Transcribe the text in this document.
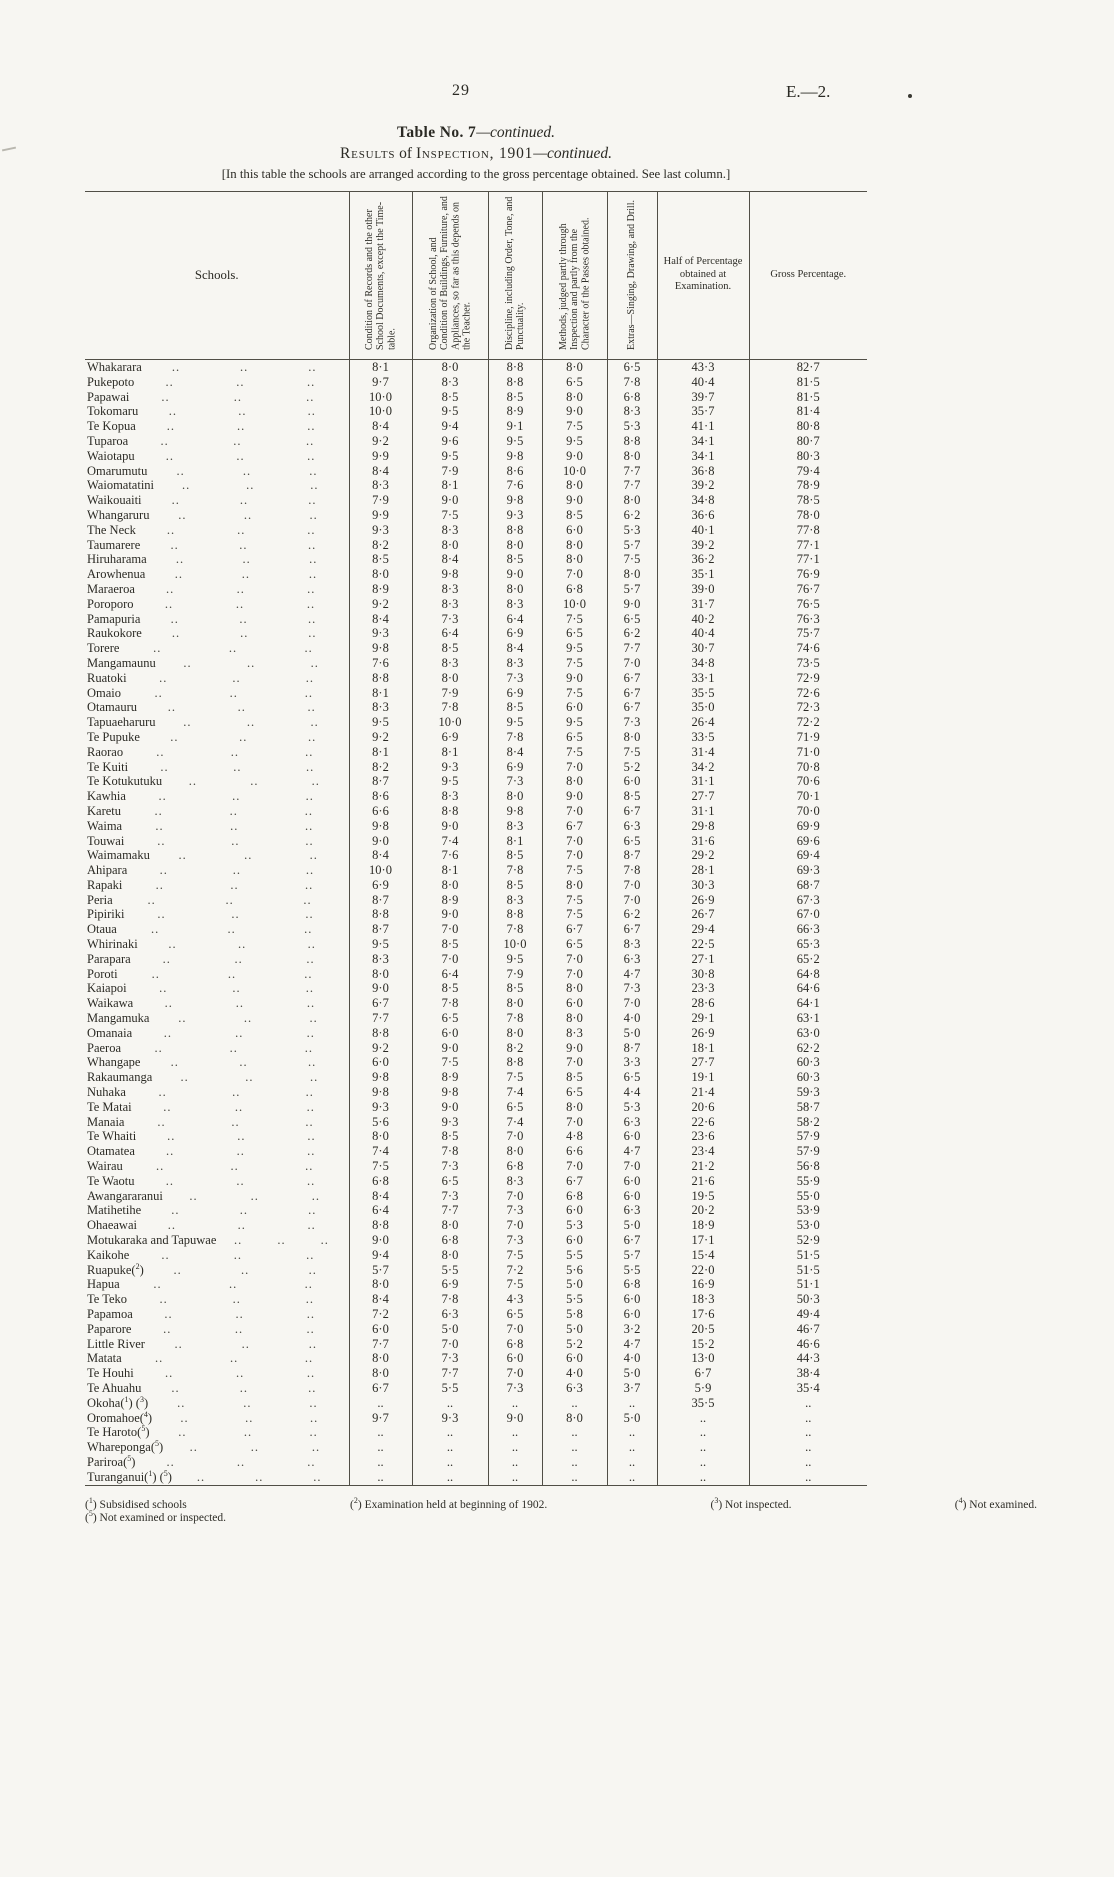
29	E.—2.
Table No. 7—continued.
Results of Inspection, 1901—continued.
[In this table the schools are arranged according to the gross percentage obtained. See last column.]
Schools.	Condition of Records and the other School Documents, except the Time-table.	Organization of School, and Condition of Buildings, Furniture, and Appliances, so far as this depends on the Teacher.	Discipline, including Order, Tone, and Punctuality.	Methods, judged partly through Inspection and partly from the Character of the Passes obtained.	Extras—Singing, Drawing, and Drill.	Half of Percentage obtained at Examination.	Gross Percentage.

Whakarara .. .. ..	8·1	8·0	8·8	8·0	6·5	43·3	82·7

Pukepoto .. .. ..	9·7	8·3	8·8	6·5	7·8	40·4	81·5

Papawai .. .. ..	10·0	8·5	8·5	8·0	6·8	39·7	81·5

Tokomaru .. .. ..	10·0	9·5	8·9	9·0	8·3	35·7	81·4

Te Kopua .. .. ..	8·4	9·4	9·1	7·5	5·3	41·1	80·8

Tuparoa .. .. ..	9·2	9·6	9·5	9·5	8·8	34·1	80·7

Waiotapu .. .. ..	9·9	9·5	9·8	9·0	8·0	34·1	80·3

Omarumutu .. .. ..	8·4	7·9	8·6	10·0	7·7	36·8	79·4

Waiomatatini .. .. ..	8·3	8·1	7·6	8·0	7·7	39·2	78·9

Waikouaiti .. .. ..	7·9	9·0	9·8	9·0	8·0	34·8	78·5

Whangaruru .. .. ..	9·9	7·5	9·3	8·5	6·2	36·6	78·0

The Neck .. .. ..	9·3	8·3	8·8	6·0	5·3	40·1	77·8

Taumarere .. .. ..	8·2	8·0	8·0	8·0	5·7	39·2	77·1

Hiruharama .. .. ..	8·5	8·4	8·5	8·0	7·5	36·2	77·1

Arowhenua .. .. ..	8·0	9·8	9·0	7·0	8·0	35·1	76·9

Maraeroa .. .. ..	8·9	8·3	8·0	6·8	5·7	39·0	76·7

Poroporo .. .. ..	9·2	8·3	8·3	10·0	9·0	31·7	76·5

Pamapuria .. .. ..	8·4	7·3	6·4	7·5	6·5	40·2	76·3

Raukokore .. .. ..	9·3	6·4	6·9	6·5	6·2	40·4	75·7

Torere .. .. ..	9·8	8·5	8·4	9·5	7·7	30·7	74·6

Mangamaunu .. .. ..	7·6	8·3	8·3	7·5	7·0	34·8	73·5

Ruatoki .. .. ..	8·8	8·0	7·3	9·0	6·7	33·1	72·9

Omaio .. .. ..	8·1	7·9	6·9	7·5	6·7	35·5	72·6

Otamauru .. .. ..	8·3	7·8	8·5	6·0	6·7	35·0	72·3

Tapuaeharuru .. .. ..	9·5	10·0	9·5	9·5	7·3	26·4	72·2

Te Pupuke .. .. ..	9·2	6·9	7·8	6·5	8·0	33·5	71·9

Raorao .. .. ..	8·1	8·1	8·4	7·5	7·5	31·4	71·0

Te Kuiti .. .. ..	8·2	9·3	6·9	7·0	5·2	34·2	70·8

Te Kotukutuku .. .. ..	8·7	9·5	7·3	8·0	6·0	31·1	70·6

Kawhia .. .. ..	8·6	8·3	8·0	9·0	8·5	27·7	70·1

Karetu .. .. ..	6·6	8·8	9·8	7·0	6·7	31·1	70·0

Waima .. .. ..	9·8	9·0	8·3	6·7	6·3	29·8	69·9

Touwai .. .. ..	9·0	7·4	8·1	7·0	6·5	31·6	69·6

Waimamaku .. .. ..	8·4	7·6	8·5	7·0	8·7	29·2	69·4

Ahipara .. .. ..	10·0	8·1	7·8	7·5	7·8	28·1	69·3

Rapaki .. .. ..	6·9	8·0	8·5	8·0	7·0	30·3	68·7

Peria .. .. ..	8·7	8·9	8·3	7·5	7·0	26·9	67·3

Pipiriki .. .. ..	8·8	9·0	8·8	7·5	6·2	26·7	67·0

Otaua .. .. ..	8·7	7·0	7·8	6·7	6·7	29·4	66·3

Whirinaki .. .. ..	9·5	8·5	10·0	6·5	8·3	22·5	65·3

Parapara .. .. ..	8·3	7·0	9·5	7·0	6·3	27·1	65·2

Poroti .. .. ..	8·0	6·4	7·9	7·0	4·7	30·8	64·8

Kaiapoi .. .. ..	9·0	8·5	8·5	8·0	7·3	23·3	64·6

Waikawa .. .. ..	6·7	7·8	8·0	6·0	7·0	28·6	64·1

Mangamuka .. .. ..	7·7	6·5	7·8	8·0	4·0	29·1	63·1

Omanaia .. .. ..	8·8	6·0	8·0	8·3	5·0	26·9	63·0

Paeroa .. .. ..	9·2	9·0	8·2	9·0	8·7	18·1	62·2

Whangape .. .. ..	6·0	7·5	8·8	7·0	3·3	27·7	60·3

Rakaumanga .. .. ..	9·8	8·9	7·5	8·5	6·5	19·1	60·3

Nuhaka .. .. ..	9·8	9·8	7·4	6·5	4·4	21·4	59·3

Te Matai .. .. ..	9·3	9·0	6·5	8·0	5·3	20·6	58·7

Manaia .. .. ..	5·6	9·3	7·4	7·0	6·3	22·6	58·2

Te Whaiti .. .. ..	8·0	8·5	7·0	4·8	6·0	23·6	57·9

Otamatea .. .. ..	7·4	7·8	8·0	6·6	4·7	23·4	57·9

Wairau .. .. ..	7·5	7·3	6·8	7·0	7·0	21·2	56·8

Te Waotu .. .. ..	6·8	6·5	8·3	6·7	6·0	21·6	55·9

Awangararanui .. .. ..	8·4	7·3	7·0	6·8	6·0	19·5	55·0

Matihetihe .. .. ..	6·4	7·7	7·3	6·0	6·3	20·2	53·9

Ohaeawai .. .. ..	8·8	8·0	7·0	5·3	5·0	18·9	53·0

Motukaraka and Tapuwae .. .. ..	9·0	6·8	7·3	6·0	6·7	17·1	52·9

Kaikohe .. .. ..	9·4	8·0	7·5	5·5	5·7	15·4	51·5

Ruapuke($^2$) .. .. ..	5·7	5·5	7·2	5·6	5·5	22·0	51·5

Hapua .. .. ..	8·0	6·9	7·5	5·0	6·8	16·9	51·1

Te Teko .. .. ..	8·4	7·8	4·3	5·5	6·0	18·3	50·3

Papamoa .. .. ..	7·2	6·3	6·5	5·8	6·0	17·6	49·4

Paparore .. .. ..	6·0	5·0	7·0	5·0	3·2	20·5	46·7

Little River .. .. ..	7·7	7·0	6·8	5·2	4·7	15·2	46·6

Matata .. .. ..	8·0	7·3	6·0	6·0	4·0	13·0	44·3

Te Houhi .. .. ..	8·0	7·7	7·0	4·0	5·0	6·7	38·4

Te Ahuahu .. .. ..	6·7	5·5	7·3	6·3	3·7	5·9	35·4

Okoha($^1$) ($^3$) .. .. ..	..	..	..	..	..	35·5	..

Oromahoe($^4$) .. .. ..	9·7	9·3	9·0	8·0	5·0	..	..

Te Haroto($^5$) .. .. ..	..	..	..	..	..	..	..

Whareponga($^5$) .. .. ..	..	..	..	..	..	..	..

Pariroa($^5$) .. .. ..	..	..	..	..	..	..	..

Turanganui($^1$) ($^5$) .. .. ..	..	..	..	..	..	..	..
($^1$) Subsidised schools	($^2$) Examination held at beginning of 1902.	($^3$) Not inspected.	($^4$) Not examined.
($^5$) Not examined or inspected.
